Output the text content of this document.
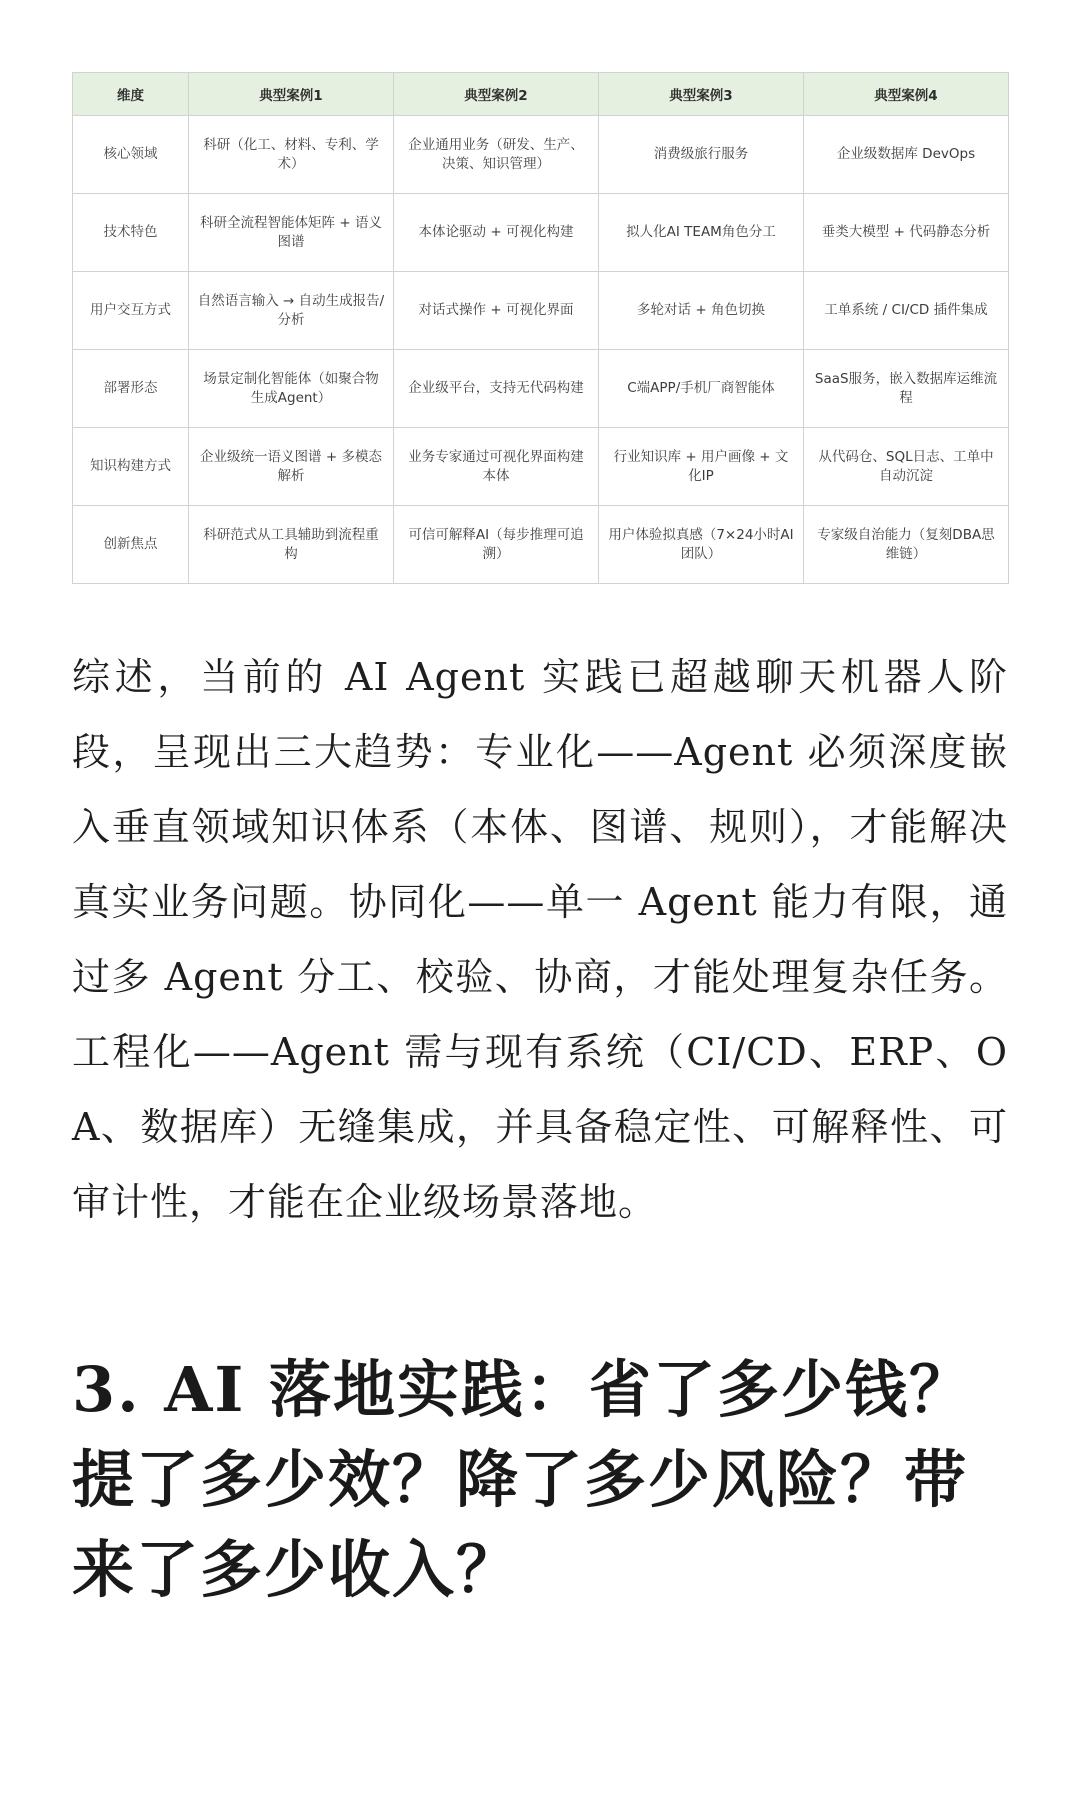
维度	典型案例1	典型案例2	典型案例3	典型案例4
核心领域	科研（化工、材料、专利、学术）	企业通用业务（研发、生产、决策、知识管理）	消费级旅行服务	企业级数据库 DevOps
技术特色	科研全流程智能体矩阵 + 语义图谱	本体论驱动 + 可视化构建	拟人化AI TEAM角色分工	垂类大模型 + 代码静态分析
用户交互方式	自然语言输入 → 自动生成报告/分析	对话式操作 + 可视化界面	多轮对话 + 角色切换	工单系统 / CI/CD 插件集成
部署形态	场景定制化智能体（如聚合物生成Agent）	企业级平台，支持无代码构建	C端APP/手机厂商智能体	SaaS服务，嵌入数据库运维流程
知识构建方式	企业级统一语义图谱 + 多模态解析	业务专家通过可视化界面构建本体	行业知识库 + 用户画像 + 文化IP	从代码仓、SQL日志、工单中自动沉淀
创新焦点	科研范式从工具辅助到流程重构	可信可解释AI（每步推理可追溯）	用户体验拟真感（7×24小时AI团队）	专家级自治能力（复刻DBA思维链）

综述，当前的 AI Agent 实践已超越聊天机器人阶段，呈现出三大趋势：专业化——Agent 必须深度嵌入垂直领域知识体系（本体、图谱、规则），才能解决真实业务问题。协同化——单一 Agent 能力有限，通过多 Agent 分工、校验、协商，才能处理复杂任务。工程化——Agent 需与现有系统（CI/CD、ERP、OA、数据库）无缝集成，并具备稳定性、可解释性、可审计性，才能在企业级场景落地。

3. AI 落地实践：省了多少钱？提了多少效？降了多少风险？带来了多少收入？
